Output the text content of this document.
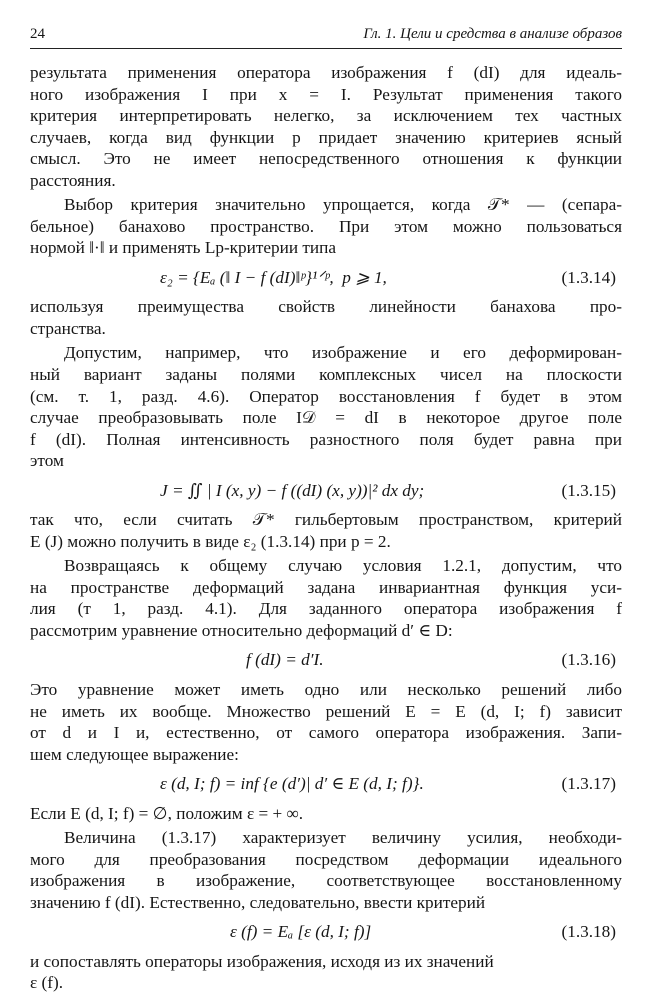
24	Гл. 1. Цели и средства в анализе образов
результата применения оператора изображения f (dI) для идеаль-
ного изображения I при x = I. Результат применения такого
критерия интерпретировать нелегко, за исключением тех частных
случаев, когда вид функции p придает значению критериев ясный
смысл. Это не имеет непосредственного отношения к функции
расстояния.
Выбор критерия значительно упрощается, когда 𝒯* — (сепара-
бельное) банахово пространство. При этом можно пользоваться
нормой ‖·‖ и применять Lp-критерии типа
ε₂ = {Eₐ (‖ I − f (dI)‖ᵖ}¹ᐟᵖ,  p ⩾ 1,	(1.3.14)
используя преимущества свойств линейности банахова про-
странства.
Допустим, например, что изображение и его деформирован-
ный вариант заданы полями комплексных чисел на плоскости
(см. т. 1, разд. 4.6). Оператор восстановления f будет в этом
случае преобразовывать поле I𝒟 = dI в некоторое другое поле
f (dI). Полная интенсивность разностного поля будет равна при
этом
J = ∬ | I (x, y) − f ((dI) (x, y))|² dx dy;	(1.3.15)
так что, если считать 𝒯* гильбертовым пространством, критерий
E (J) можно получить в виде ε₂ (1.3.14) при p = 2.
Возвращаясь к общему случаю условия 1.2.1, допустим, что
на пространстве деформаций задана инвариантная функция уси-
лия (т 1, разд. 4.1). Для заданного оператора изображения f
рассмотрим уравнение относительно деформаций d′ ∈ D:
f (dI) = d′I.	(1.3.16)
Это уравнение может иметь одно или несколько решений либо
не иметь их вообще. Множество решений E = E (d, I; f) зависит
от d и I и, естественно, от самого оператора изображения. Запи-
шем следующее выражение:
ε (d, I; f) = inf {e (d′)| d′ ∈ E (d, I; f)}.	(1.3.17)
Если E (d, I; f) = ∅, положим ε = + ∞.
Величина (1.3.17) характеризует величину усилия, необходи-
мого для преобразования посредством деформации идеального
изображения в изображение, соответствующее восстановленному
значению f (dI). Естественно, следовательно, ввести критерий
ε (f) = Eₐ [ε (d, I; f)]	(1.3.18)
и сопоставлять операторы изображения, исходя из их значений
ε (f).
